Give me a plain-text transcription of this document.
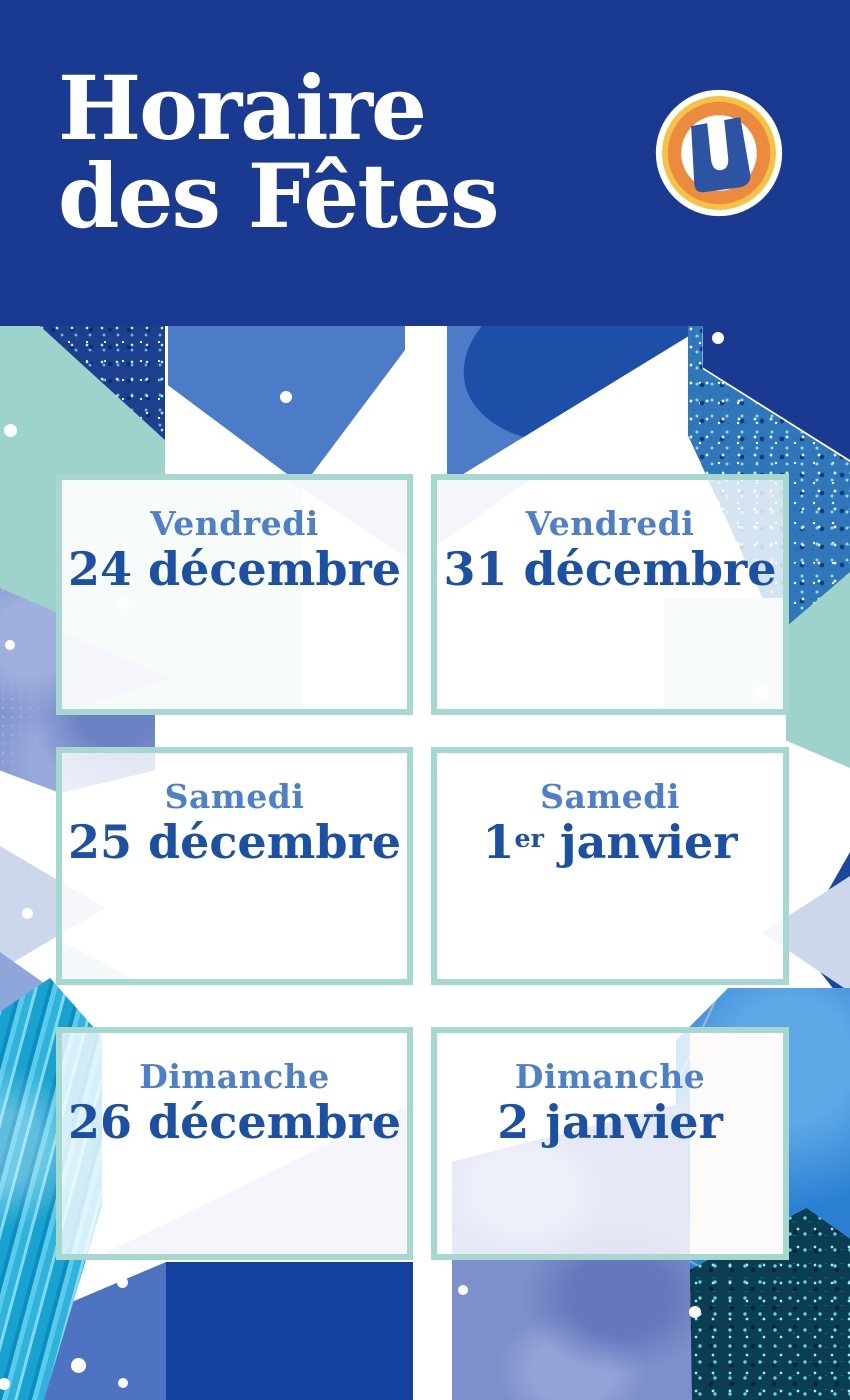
Horaire
des Fêtes
Vendredi
24 décembre
Vendredi
31 décembre
Samedi
25 décembre
Samedi
1er janvier
Dimanche
26 décembre
Dimanche
2 janvier
